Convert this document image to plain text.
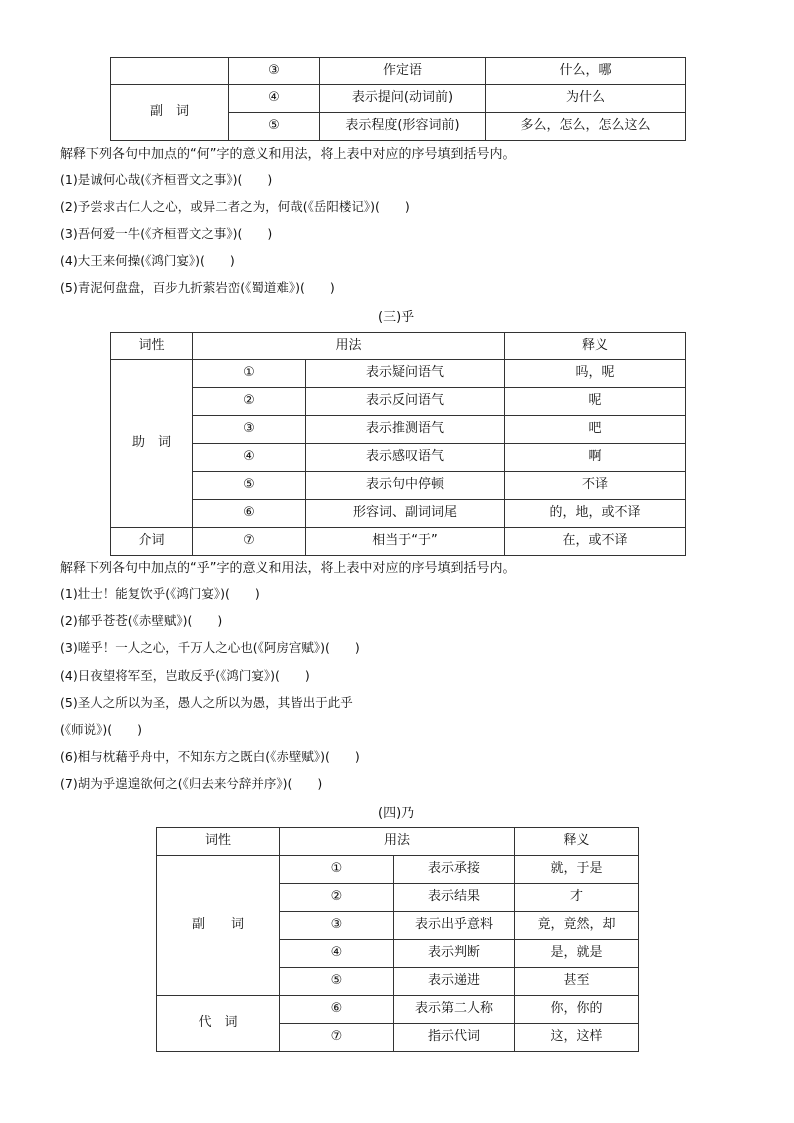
	③	作定语	什么，哪
副　词	④	表示提问(动词前)	为什么
	⑤	表示程度(形容词前)	多么，怎么，怎么这么
解释下列各句中加点的“何”字的意义和用法，将上表中对应的序号填到括号内。
(1)是诚何心哉(《齐桓晋文之事》)(　　)
(2)予尝求古仁人之心，或异二者之为，何哉(《岳阳楼记》)(　　)
(3)吾何爱一牛(《齐桓晋文之事》)(　　)
(4)大王来何操(《鸿门宴》)(　　)
(5)青泥何盘盘，百步九折萦岩峦(《蜀道难》)(　　)
(三)乎
词性	用法		释义
助　词	①	表示疑问语气	吗，呢
	②	表示反问语气	呢
	③	表示推测语气	吧
	④	表示感叹语气	啊
	⑤	表示句中停顿	不译
	⑥	形容词、副词词尾	的，地，或不译
介词	⑦	相当于“于”	在，或不译
解释下列各句中加点的“乎”字的意义和用法，将上表中对应的序号填到括号内。
(1)壮士！能复饮乎(《鸿门宴》)(　　)
(2)郁乎苍苍(《赤壁赋》)(　　)
(3)嗟乎！一人之心，千万人之心也(《阿房宫赋》)(　　)
(4)日夜望将军至，岂敢反乎(《鸿门宴》)(　　)
(5)圣人之所以为圣，愚人之所以为愚，其皆出于此乎
(《师说》)(　　)
(6)相与枕藉乎舟中，不知东方之既白(《赤壁赋》)(　　)
(7)胡为乎遑遑欲何之(《归去来兮辞并序》)(　　)
(四)乃
词性	用法		释义
副　　词	①	表示承接	就，于是
	②	表示结果	才
	③	表示出乎意料	竟，竟然，却
	④	表示判断	是，就是
	⑤	表示递进	甚至
代　词	⑥	表示第二人称	你，你的
	⑦	指示代词	这，这样
